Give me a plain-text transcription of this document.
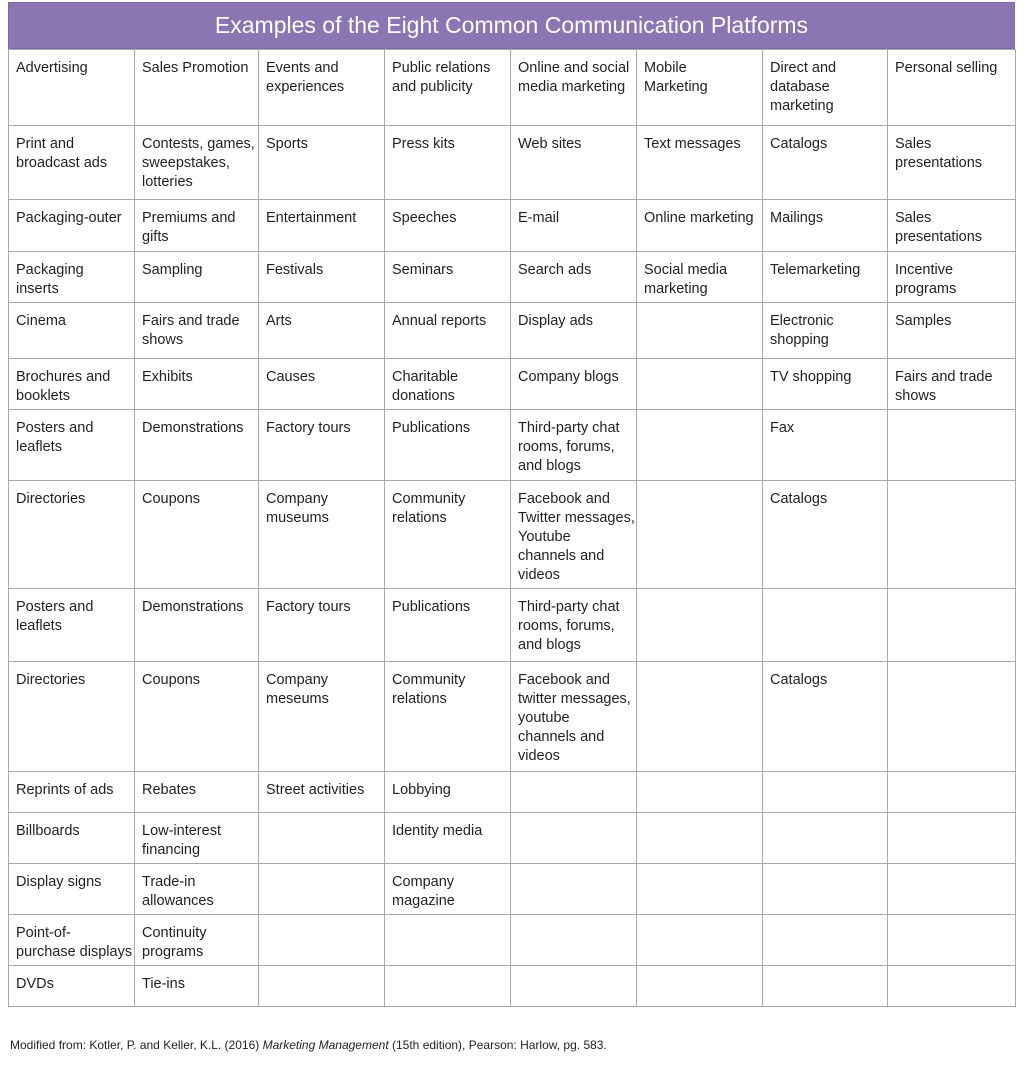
Examples of the Eight Common Communication Platforms
Advertising	Sales Promotion	Events and
experiences	Public relations
and publicity	Online and social
media marketing	Mobile
Marketing	Direct and
database
marketing	Personal selling
Print and
broadcast ads	Contests, games,
sweepstakes,
lotteries	Sports	Press kits	Web sites	Text messages	Catalogs	Sales
presentations
Packaging-outer	Premiums and
gifts	Entertainment	Speeches	E-mail	Online marketing	Mailings	Sales
presentations
Packaging
inserts	Sampling	Festivals	Seminars	Search ads	Social media
marketing	Telemarketing	Incentive
programs
Cinema	Fairs and trade
shows	Arts	Annual reports	Display ads		Electronic
shopping	Samples
Brochures and
booklets	Exhibits	Causes	Charitable
donations	Company blogs		TV shopping	Fairs and trade
shows
Posters and
leaflets	Demonstrations	Factory tours	Publications	Third-party chat
rooms, forums,
and blogs		Fax	
Directories	Coupons	Company
museums	Community
relations	Facebook and
Twitter messages,
Youtube
channels and
videos		Catalogs	
Posters and
leaflets	Demonstrations	Factory tours	Publications	Third-party chat
rooms, forums,
and blogs			
Directories	Coupons	Company
meseums	Community
relations	Facebook and
twitter messages,
youtube
channels and
videos		Catalogs	
Reprints of ads	Rebates	Street activities	Lobbying				
Billboards	Low-interest
financing		Identity media				
Display signs	Trade-in
allowances		Company
magazine				
Point-of-
purchase displays	Continuity
programs						
DVDs	Tie-ins						
Modified from: Kotler, P. and Keller, K.L. (2016) Marketing Management (15th edition), Pearson: Harlow, pg. 583.
